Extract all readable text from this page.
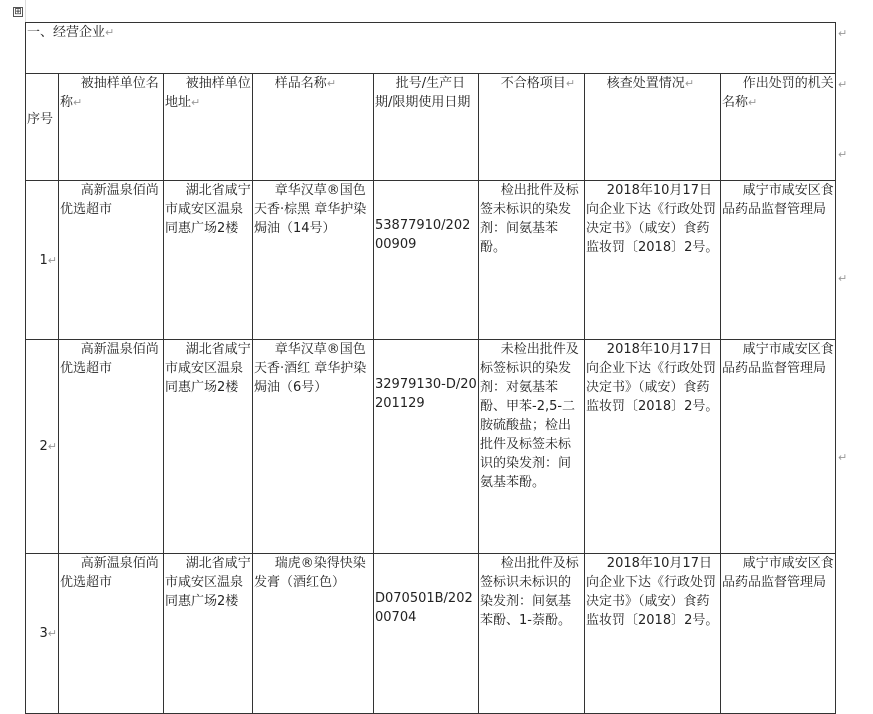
⊞
一、经营企业↵							
序号	被抽样单位名称↵	被抽样单位地址↵	样品名称↵	批号/生产日期/限期使用日期	不合格项目↵	核查处置情况↵	作出处罚的机关名称↵
1↵	高新温泉佰尚优选超市	湖北省咸宁市咸安区温泉同惠广场2楼	章华汉草®国色天香·棕黑 章华护染焗油（14号）	53877910/20200909	检出批件及标签未标识的染发剂：间氨基苯酚。	2018年10月17日向企业下达《行政处罚决定书》（咸安）食药监妆罚〔2018〕2号。	咸宁市咸安区食品药品监督管理局
2↵	高新温泉佰尚优选超市	湖北省咸宁市咸安区温泉同惠广场2楼	章华汉草®国色天香·酒红 章华护染焗油（6号）	32979130-D/20201129	未检出批件及标签标识的染发剂：对氨基苯酚、甲苯-2,5-二胺硫酸盐；检出批件及标签未标识的染发剂：间氨基苯酚。	2018年10月17日向企业下达《行政处罚决定书》（咸安）食药监妆罚〔2018〕2号。	咸宁市咸安区食品药品监督管理局
3↵	高新温泉佰尚优选超市	湖北省咸宁市咸安区温泉同惠广场2楼	瑞虎®染得快染发膏（酒红色）	D070501B/20200704	检出批件及标签标识未标识的染发剂：间氨基苯酚、1-萘酚。	2018年10月17日向企业下达《行政处罚决定书》（咸安）食药监妆罚〔2018〕2号。	咸宁市咸安区食品药品监督管理局
↵
↵
↵
↵
↵
